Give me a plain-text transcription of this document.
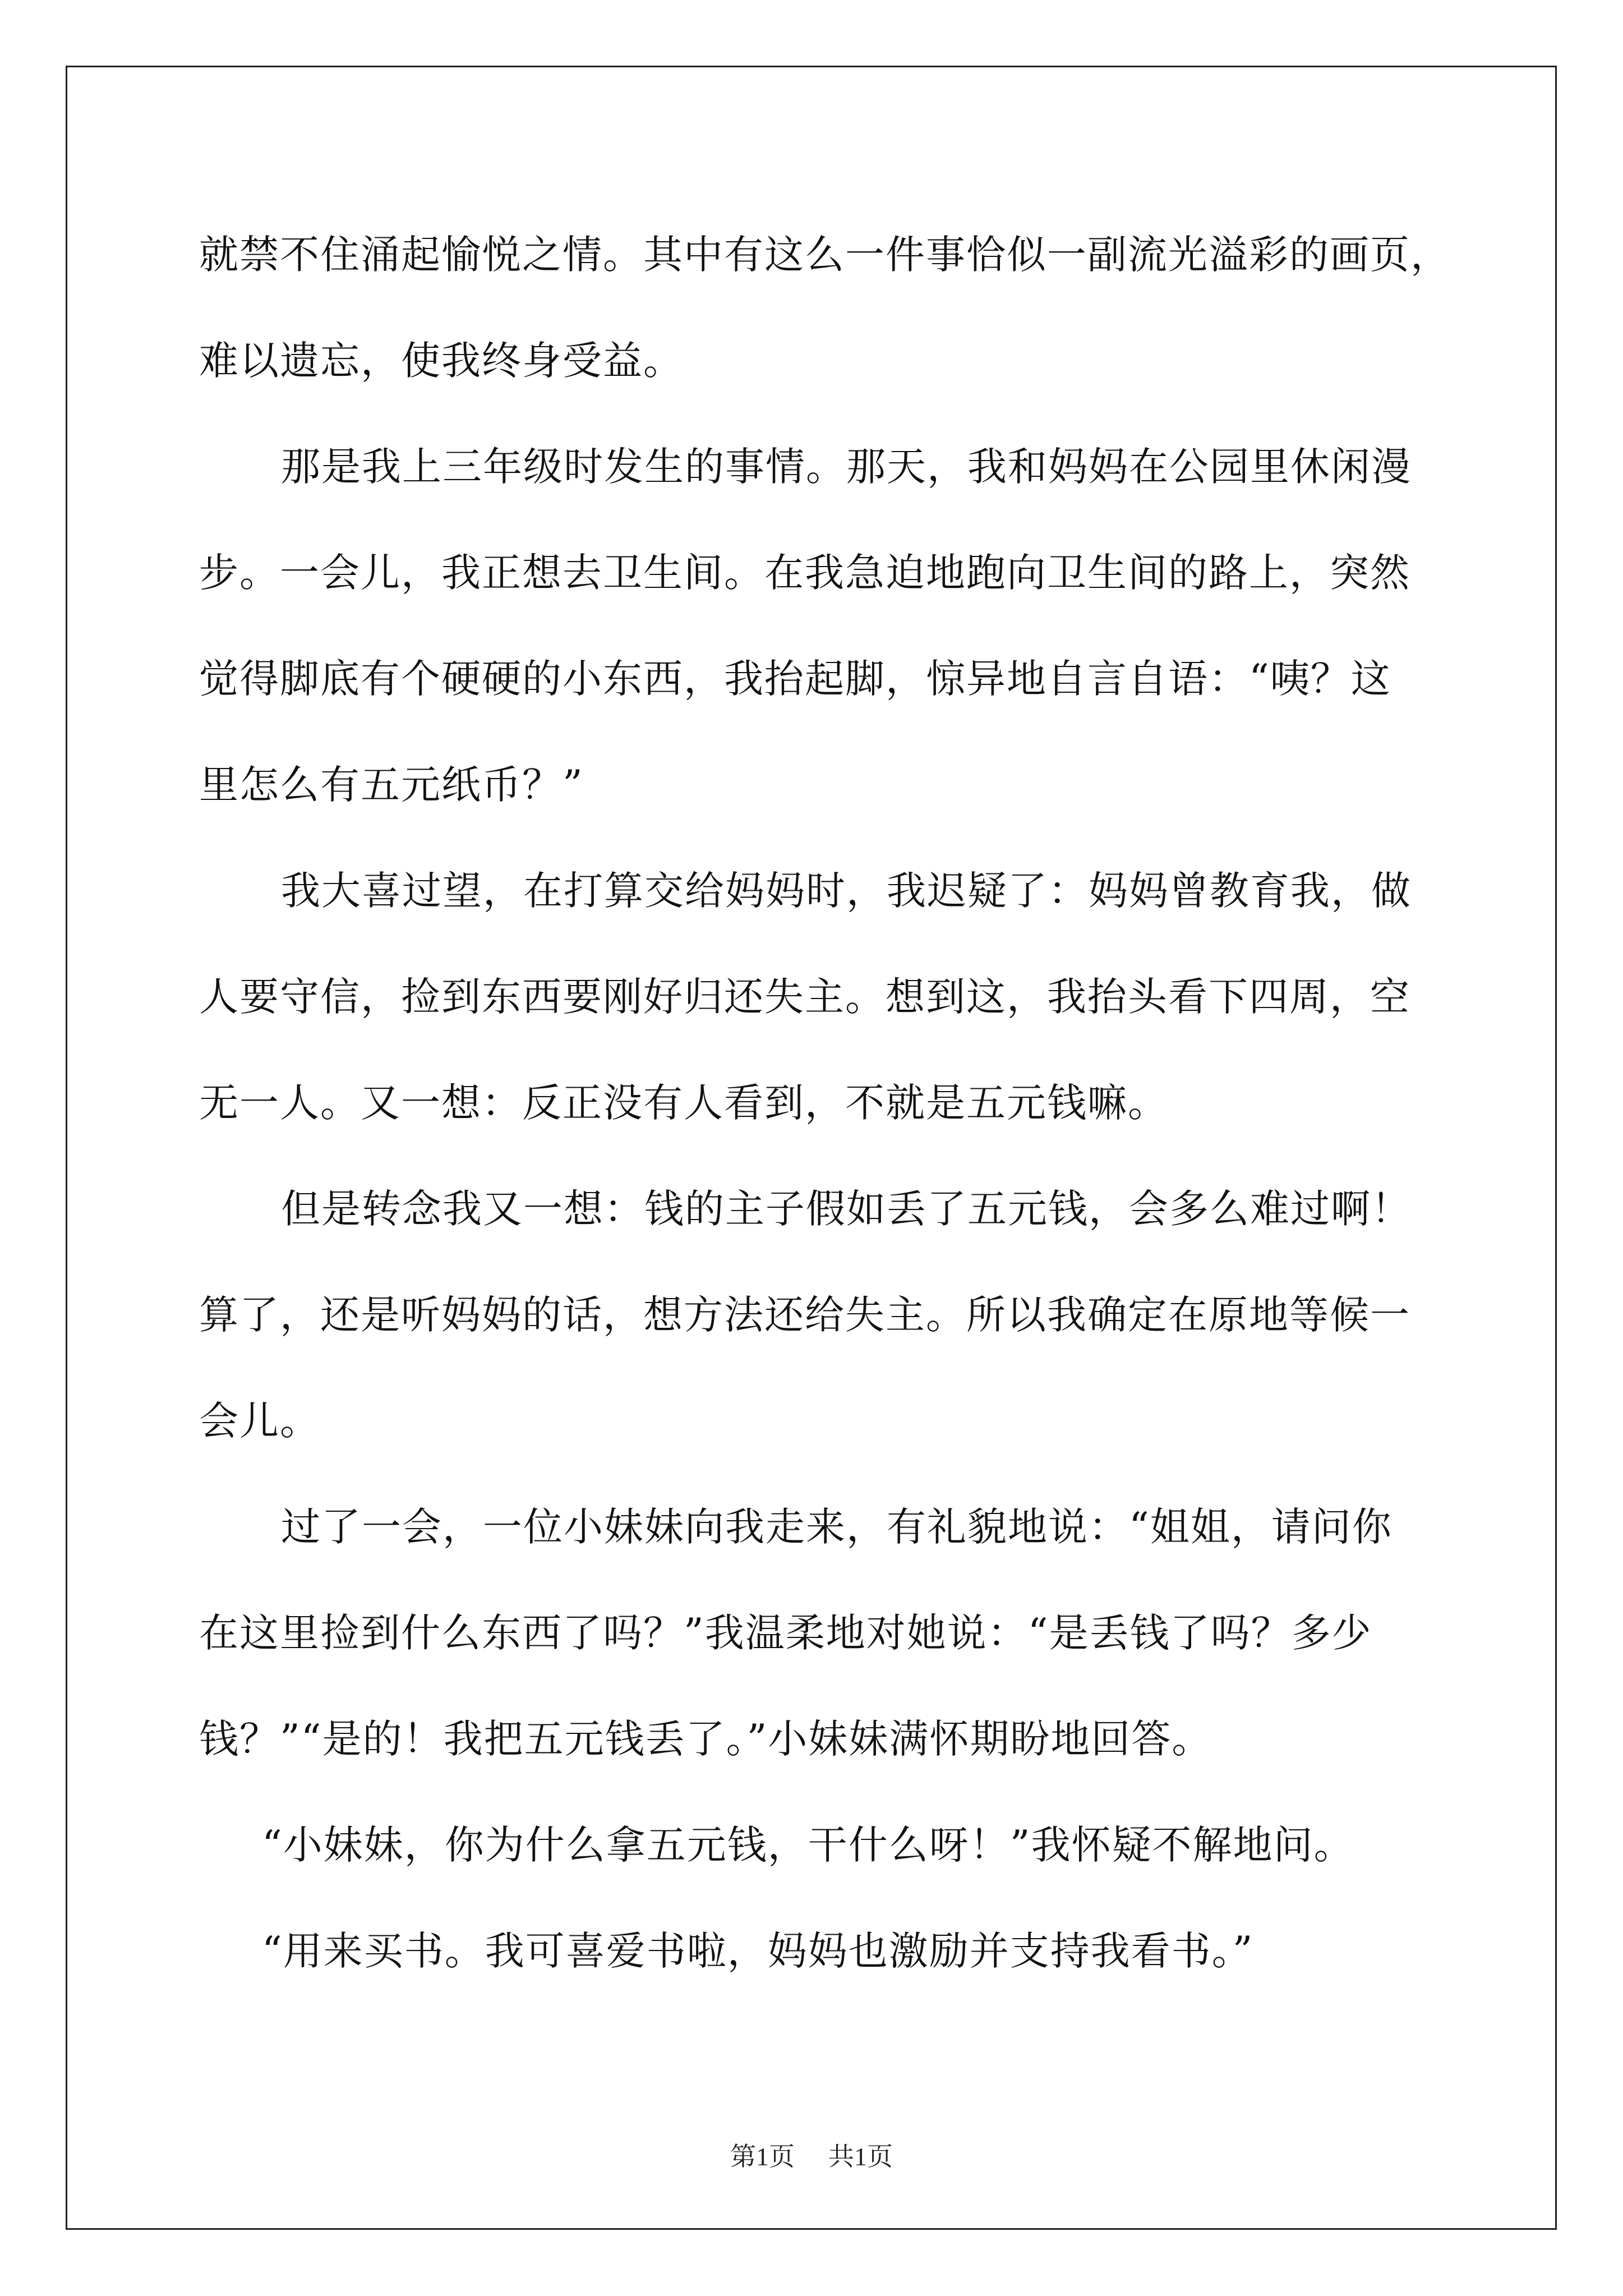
就禁不住涌起愉悦之情。其中有这么一件事恰似一副流光溢彩的画页，
难以遗忘，使我终身受益。
那是我上三年级时发生的事情。那天，我和妈妈在公园里休闲漫
步。一会儿，我正想去卫生间。在我急迫地跑向卫生间的路上，突然
觉得脚底有个硬硬的小东西，我抬起脚，惊异地自言自语：“咦？这
里怎么有五元纸币？”
我大喜过望，在打算交给妈妈时，我迟疑了：妈妈曾教育我，做
人要守信，捡到东西要刚好归还失主。想到这，我抬头看下四周，空
无一人。又一想：反正没有人看到，不就是五元钱嘛。
但是转念我又一想：钱的主子假如丢了五元钱，会多么难过啊！
算了，还是听妈妈的话，想方法还给失主。所以我确定在原地等候一
会儿。
过了一会，一位小妹妹向我走来，有礼貌地说：“姐姐，请问你
在这里捡到什么东西了吗？”我温柔地对她说：“是丢钱了吗？多少
钱？”“是的！我把五元钱丢了。”小妹妹满怀期盼地回答。
“小妹妹，你为什么拿五元钱，干什么呀！”我怀疑不解地问。
“用来买书。我可喜爱书啦，妈妈也激励并支持我看书。”
第1页 共1页
